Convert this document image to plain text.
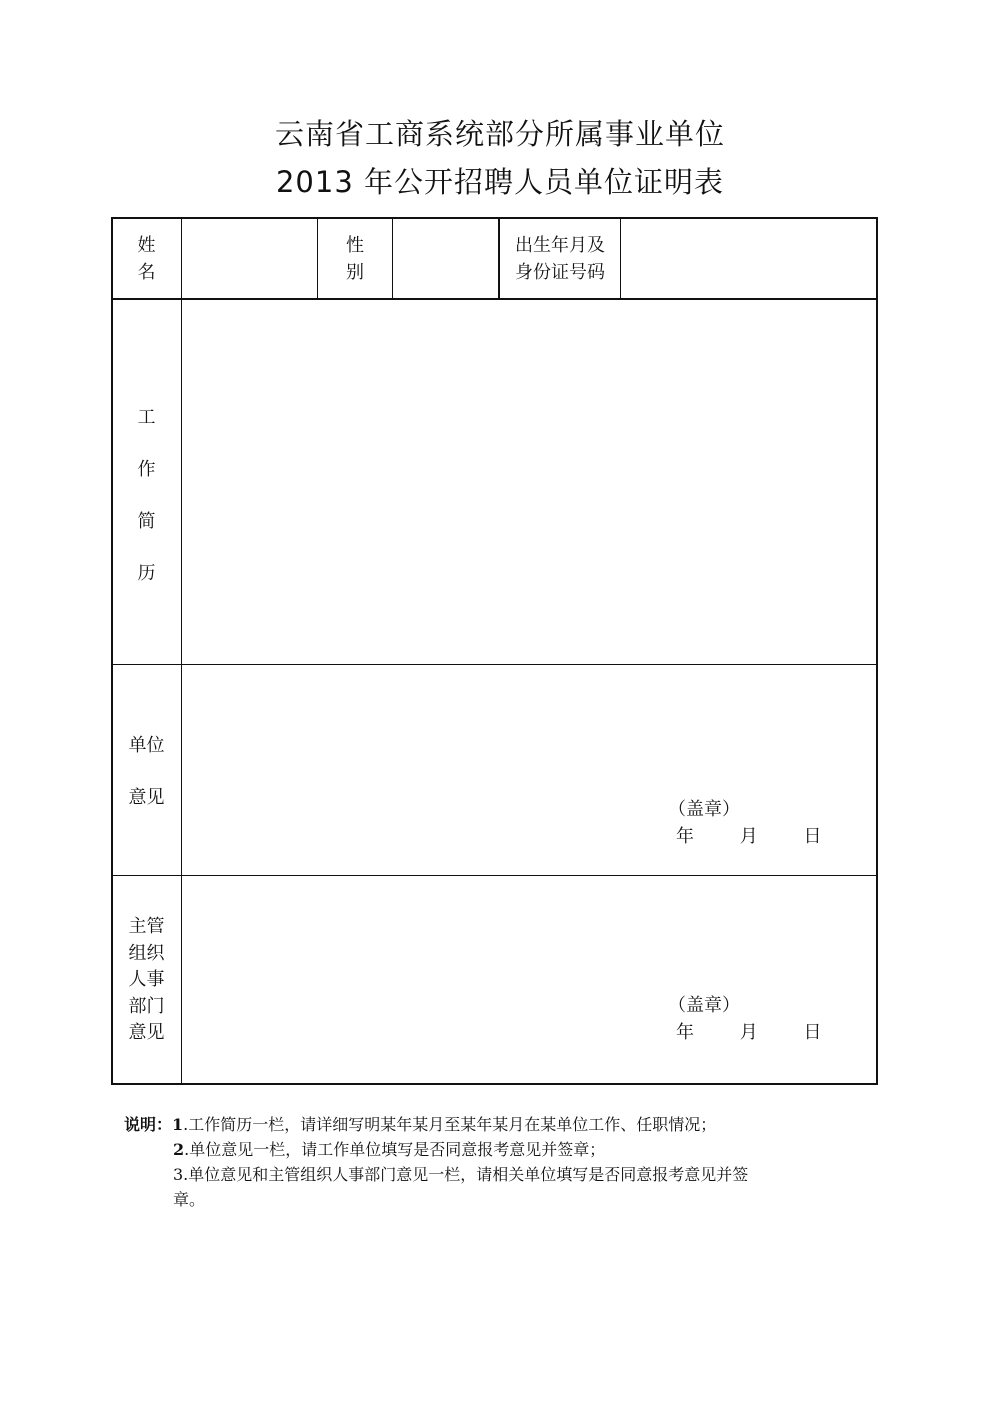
云南省工商系统部分所属事业单位
2013 年公开招聘人员单位证明表
姓
名
性
别
出生年月及
身份证号码
工
作
简
历
单位
意见
（盖章）
年        月        日
主管
组织
人事
部门
意见
（盖章）
年        月        日
说明：1.工作简历一栏，请详细写明某年某月至某年某月在某单位工作、任职情况；
2.单位意见一栏，请工作单位填写是否同意报考意见并签章；
3.单位意见和主管组织人事部门意见一栏，请相关单位填写是否同意报考意见并签
章。
